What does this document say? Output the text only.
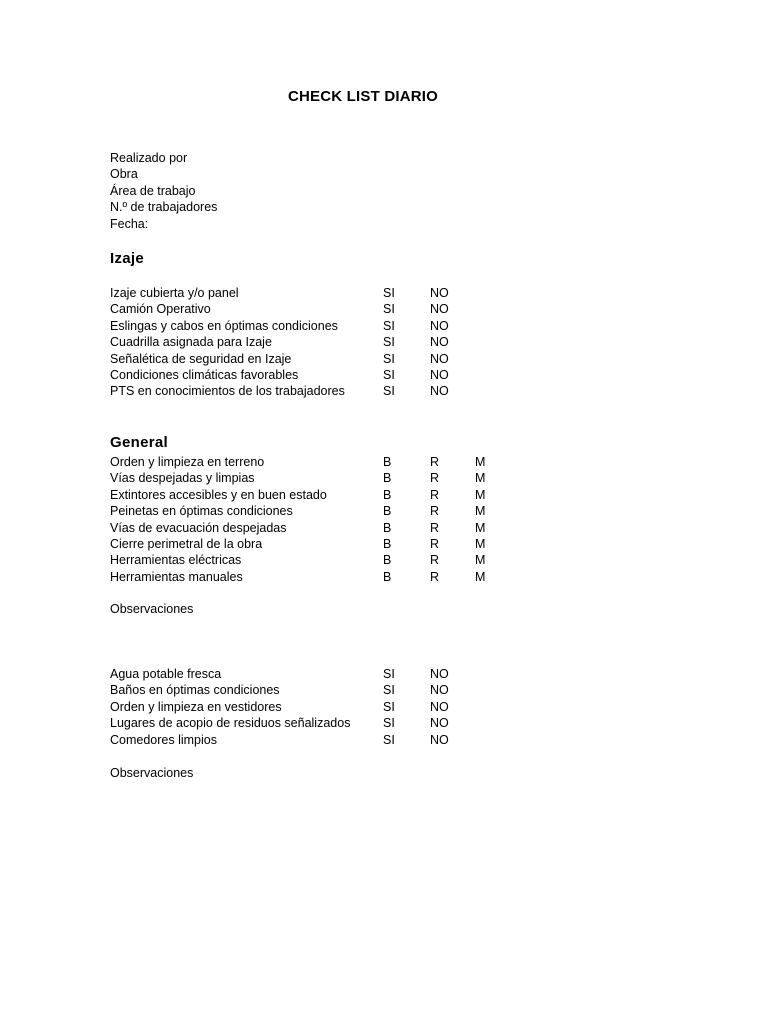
CHECK LIST DIARIO
Realizado por
Obra
Área de trabajo
N.º de trabajadores
Fecha:
Izaje
Izaje cubierta y/o panel	SI	NO
Camión Operativo	SI	NO
Eslingas y cabos en óptimas condiciones	SI	NO
Cuadrilla asignada para Izaje	SI	NO
Señalética de seguridad en Izaje	SI	NO
Condiciones climáticas favorables	SI	NO
PTS en conocimientos de los trabajadores	SI	NO
General
Orden y limpieza en terreno	B	R	M
Vías despejadas y limpias	B	R	M
Extintores accesibles y en buen estado	B	R	M
Peinetas en óptimas condiciones	B	R	M
Vías de evacuación despejadas	B	R	M
Cierre perimetral de la obra	B	R	M
Herramientas eléctricas	B	R	M
Herramientas manuales	B	R	M
Observaciones
Agua potable fresca	SI	NO
Baños en óptimas condiciones	SI	NO
Orden y limpieza en vestidores	SI	NO
Lugares de acopio de residuos señalizados	SI	NO
Comedores limpios	SI	NO
Observaciones
